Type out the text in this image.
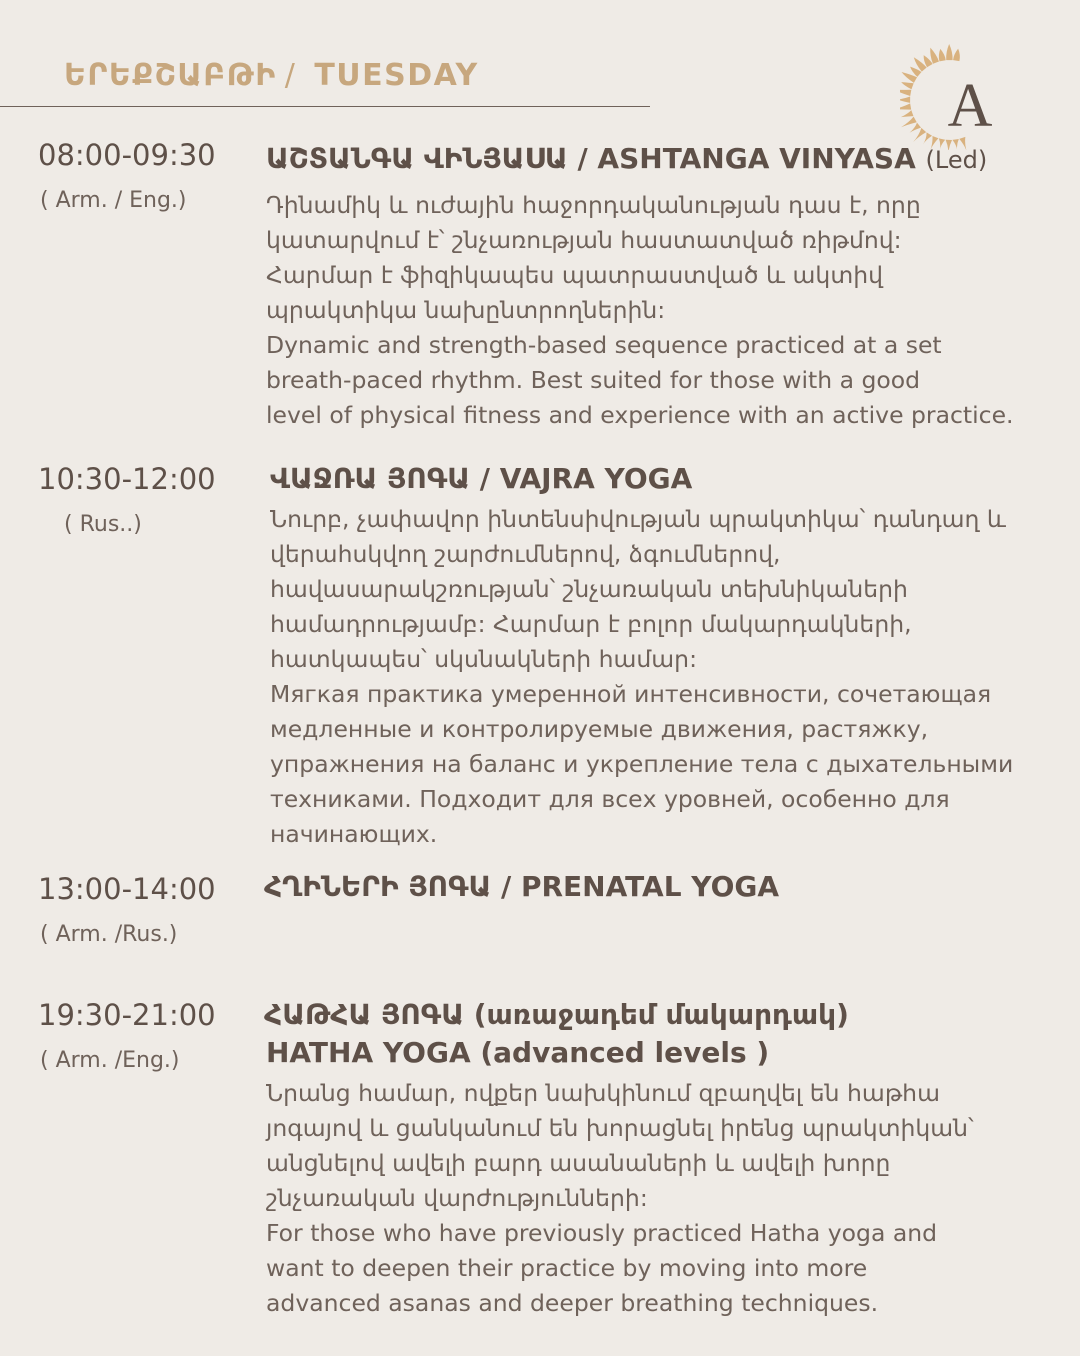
ԵՐԵՔՇԱԲԹԻ / TUESDAY	A
08:00-09:30
( Arm. / Eng.)
ԱՇՏԱՆԳԱ ՎԻՆՅԱՍԱ / ASHTANGA VINYASA (Led)
Դինամիկ և ուժային հաջորդականության դաս է, որը
կատարվում է՝ շնչառության հաստատված ռիթմով:
Հարմար է ֆիզիկապես պատրաստված և ակտիվ
պրակտիկա նախընտրողներին:
Dynamic and strength-based sequence practiced at a set
breath-paced rhythm. Best suited for those with a good
level of physical fitness and experience with an active practice.
10:30-12:00
( Rus..)
ՎԱՋՌԱ ՅՈԳԱ / VAJRA YOGA
Նուրբ, չափավոր ինտենսիվության պրակտիկա՝ դանդաղ և
վերահսկվող շարժումներով, ձգումներով,
հավասարակշռության՝ շնչառական տեխնիկաների
համադրությամբ: Հարմար է բոլոր մակարդակների,
հատկապես՝ սկսնակների համար:
Мягкая практика умеренной интенсивности, сочетающая
медленные и контролируемые движения, растяжку,
упражнения на баланс и укрепление тела с дыхательными
техниками. Подходит для всех уровней, особенно для
начинающих.
13:00-14:00
( Arm. /Rus.)
ՀՂԻՆԵՐԻ ՅՈԳԱ / PRENATAL YOGA
19:30-21:00
( Arm. /Eng.)
ՀԱԹՀԱ ՅՈԳԱ (առաջադեմ մակարդակ)
HATHA YOGA (advanced levels )
Նրանց համար, ովքեր նախկինում զբաղվել են հաթհա
յոգայով և ցանկանում են խորացնել իրենց պրակտիկան՝
անցնելով ավելի բարդ ասանաների և ավելի խորը
շնչառական վարժությունների:
For those who have previously practiced Hatha yoga and
want to deepen their practice by moving into more
advanced asanas and deeper breathing techniques.
